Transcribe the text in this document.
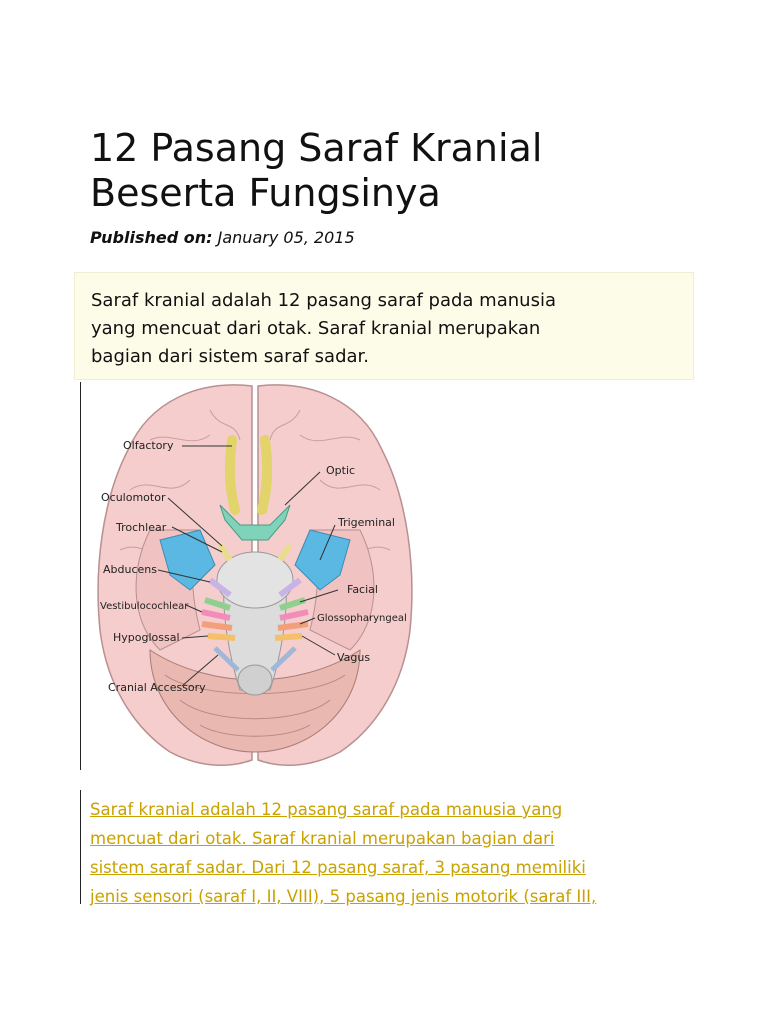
12 Pasang Saraf Kranial
Beserta Fungsinya
Published on: January 05, 2015
Saraf kranial adalah 12 pasang saraf pada manusia
yang mencuat dari otak. Saraf kranial merupakan
bagian dari sistem saraf sadar.
Olfactory
Optic
Oculomotor
Trochlear	Trigeminal
Abducens
Facial
Vestibulocochlear
Glossopharyngeal
Hypoglossal
Vagus
Cranial Accessory
Saraf kranial adalah 12 pasang saraf pada manusia yang
mencuat dari otak. Saraf kranial merupakan bagian dari
sistem saraf sadar. Dari 12 pasang saraf, 3 pasang memiliki
jenis sensori (saraf I, II, VIII), 5 pasang jenis motorik (saraf III,
